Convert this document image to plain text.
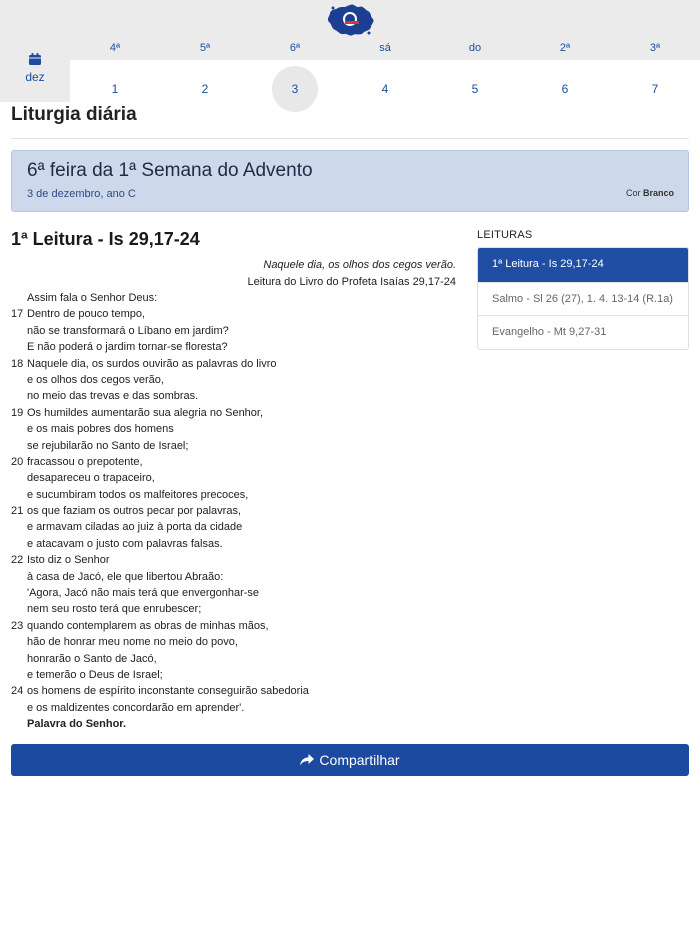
dez
4ª	5ª	6ª	sá	do	2ª	3ª
1	2	3	4	5	6	7
Liturgia diária
6ª feira da 1ª Semana do Advento
3 de dezembro, ano C	Cor Branco
1ª Leitura - Is 29,17-24
Naquele dia, os olhos dos cegos verão.
Leitura do Livro do Profeta Isaías 29,17-24
Assim fala o Senhor Deus:
17 Dentro de pouco tempo,
não se transformará o Líbano em jardim?
E não poderá o jardim tornar-se floresta?
18 Naquele dia, os surdos ouvirão as palavras do livro
e os olhos dos cegos verão,
no meio das trevas e das sombras.
19 Os humildes aumentarão sua alegria no Senhor,
e os mais pobres dos homens
se rejubilarão no Santo de Israel;
20 fracassou o prepotente,
desapareceu o trapaceiro,
e sucumbiram todos os malfeitores precoces,
21 os que faziam os outros pecar por palavras,
e armavam ciladas ao juiz à porta da cidade
e atacavam o justo com palavras falsas.
22 Isto diz o Senhor
à casa de Jacó, ele que libertou Abraão:
'Agora, Jacó não mais terá que envergonhar-se
nem seu rosto terá que enrubescer;
23 quando contemplarem as obras de minhas mãos,
hão de honrar meu nome no meio do povo,
honrarão o Santo de Jacó,
e temerão o Deus de Israel;
24 os homens de espírito inconstante conseguirão sabedoria
e os maldizentes concordarão em aprender'.
Palavra do Senhor.
LEITURAS
1ª Leitura - Is 29,17-24
Salmo - Sl 26 (27), 1. 4. 13-14 (R.1a)
Evangelho - Mt 9,27-31
Compartilhar
